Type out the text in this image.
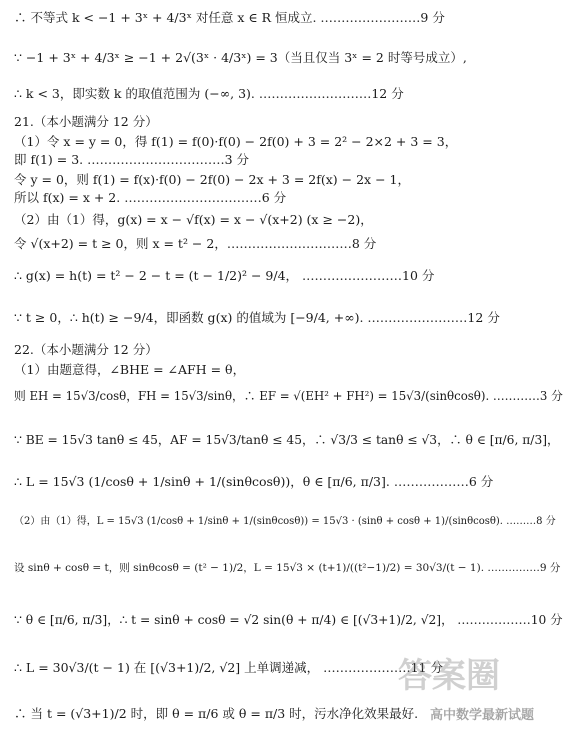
∴ 不等式 k < −1 + 3ˣ + 4/3ˣ 对任意 x ∈ R 恒成立. ……………………9 分
∵ −1 + 3ˣ + 4/3ˣ ≥ −1 + 2√(3ˣ · 4/3ˣ) = 3（当且仅当 3ˣ = 2 时等号成立）,
∴ k < 3，即实数 k 的取值范围为 (−∞, 3). ………………………12 分
21.（本小题满分 12 分）
（1）令 x = y = 0，得 f(1) = f(0)·f(0) − 2f(0) + 3 = 2² − 2×2 + 3 = 3，
即 f(1) = 3. ……………………………3 分
令 y = 0，则 f(1) = f(x)·f(0) − 2f(0) − 2x + 3 = 2f(x) − 2x − 1，
所以 f(x) = x + 2. ……………………………6 分
（2）由（1）得，g(x) = x − √f(x) = x − √(x+2) (x ≥ −2)，
令 √(x+2) = t ≥ 0，则 x = t² − 2，…………………………8 分
∴ g(x) = h(t) = t² − 2 − t = (t − 1/2)² − 9/4， ……………………10 分
∵ t ≥ 0，∴ h(t) ≥ −9/4，即函数 g(x) 的值域为 [−9/4, +∞). ……………………12 分
22.（本小题满分 12 分）
（1）由题意得，∠BHE = ∠AFH = θ，
则 EH = 15√3/cosθ，FH = 15√3/sinθ，∴ EF = √(EH² + FH²) = 15√3/(sinθcosθ). …………3 分
∵ BE = 15√3 tanθ ≤ 45，AF = 15√3/tanθ ≤ 45，∴ √3/3 ≤ tanθ ≤ √3，∴ θ ∈ [π/6, π/3]，
∴ L = 15√3 (1/cosθ + 1/sinθ + 1/(sinθcosθ))，θ ∈ [π/6, π/3]. ………………6 分
（2）由（1）得，L = 15√3 (1/cosθ + 1/sinθ + 1/(sinθcosθ)) = 15√3 · (sinθ + cosθ + 1)/(sinθcosθ). ………8 分
设 sinθ + cosθ = t，则 sinθcosθ = (t² − 1)/2，L = 15√3 × (t+1)/((t²−1)/2) = 30√3/(t − 1). ……………9 分
∵ θ ∈ [π/6, π/3]，∴ t = sinθ + cosθ = √2 sin(θ + π/4) ∈ [(√3+1)/2, √2]， ………………10 分
∴ L = 30√3/(t − 1) 在 [(√3+1)/2, √2] 上单调递减， …………………11 分
∴ 当 t = (√3+1)/2 时，即 θ = π/6 或 θ = π/3 时，污水净化效果最好.
答案圈
高中数学最新试题
